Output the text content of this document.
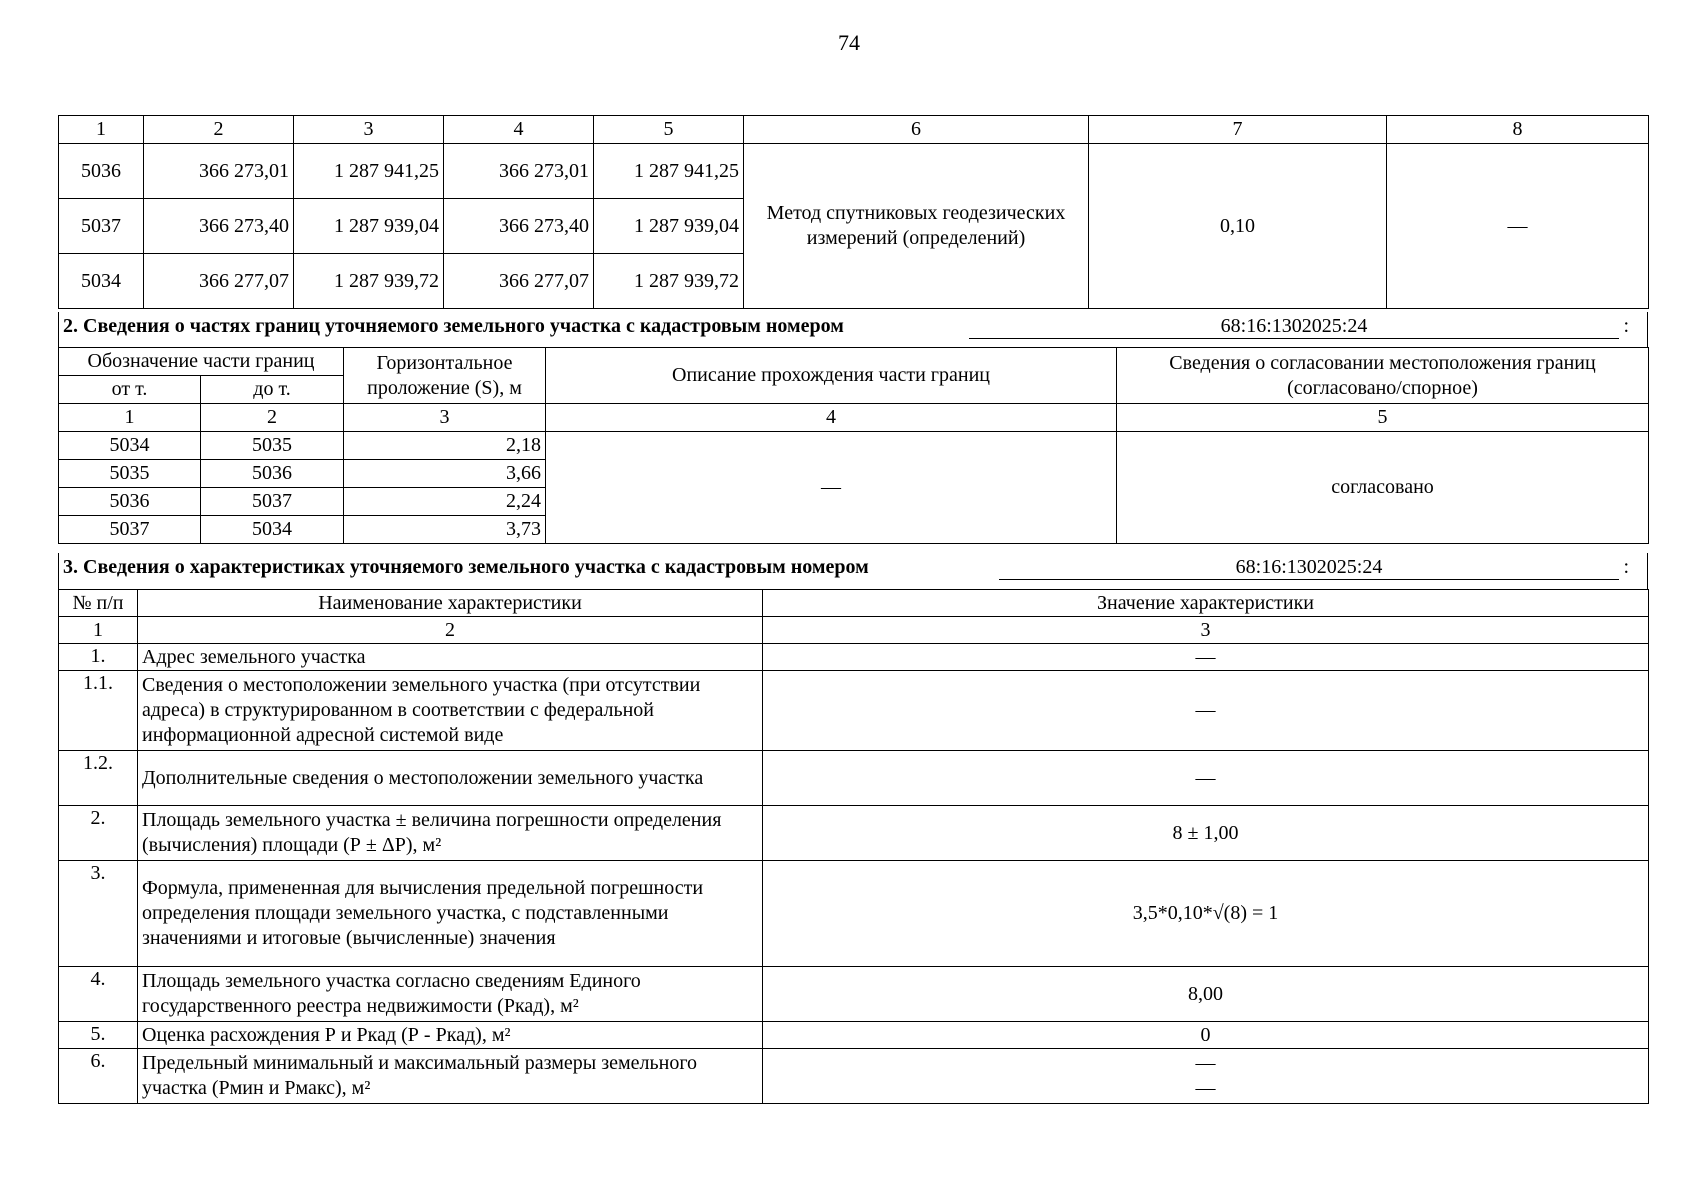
74
1	2	3	4	5	6	7	8
5036	366 273,01	1 287 941,25	366 273,01	1 287 941,25	Метод спутниковых геодезических измерений (определений)	0,10	—
5037	366 273,40	1 287 939,04	366 273,40	1 287 939,04			
5034	366 277,07	1 287 939,72	366 277,07	1 287 939,72			
2. Сведения о частях границ уточняемого земельного участка с кадастровым номером	68:16:1302025:24	:
Обозначение части границ		Горизонтальное проложение (S), м	Описание прохождения части границ	Сведения о согласовании местоположения границ (согласовано/спорное)
от т.	до т.			
1	2	3	4	5
5034	5035	2,18	—	согласовано
5035	5036	3,66		
5036	5037	2,24		
5037	5034	3,73		
3. Сведения о характеристиках уточняемого земельного участка с кадастровым номером	68:16:1302025:24	:
№ п/п	Наименование характеристики	Значение характеристики
1	2	3
1.	Адрес земельного участка	—
1.1.	Сведения о местоположении земельного участка (при отсутствии адреса) в структурированном в соответствии с федеральной информационной адресной системой виде	—
1.2.	Дополнительные сведения о местоположении земельного участка	—
2.	Площадь земельного участка ± величина погрешности определения (вычисления) площади (Р ± ΔР), м²	8 ± 1,00
3.	Формула, примененная для вычисления предельной погрешности определения площади земельного участка, с подставленными значениями и итоговые (вычисленные) значения	3,5*0,10*√(8) = 1
4.	Площадь земельного участка согласно сведениям Единого государственного реестра недвижимости (Ркад), м²	8,00
5.	Оценка расхождения Р и Ркад (Р - Ркад), м²	0
6.	Предельный минимальный и максимальный размеры земельного участка (Рмин и Рмакс), м²	—
—
